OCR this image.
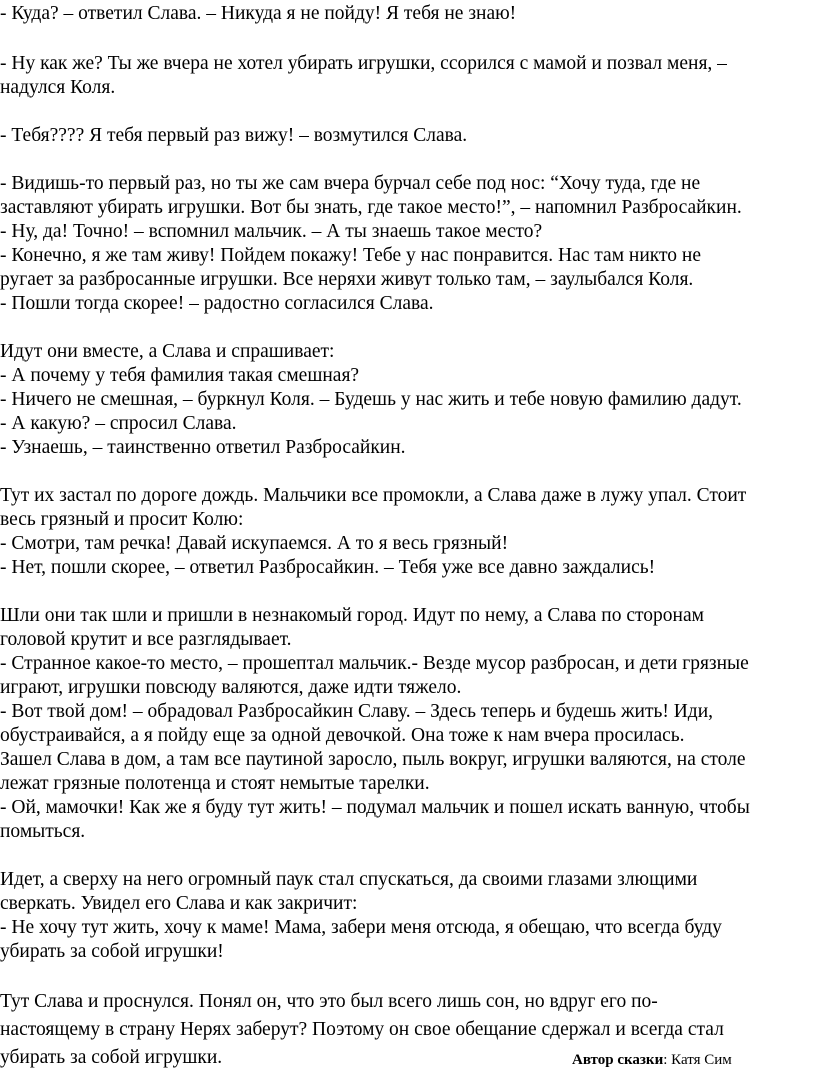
- Куда? – ответил Слава. – Никуда я не пойду! Я тебя не знаю!
- Ну как же? Ты же вчера не хотел убирать игрушки, ссорился с мамой и позвал меня, –
надулся Коля.
- Тебя???? Я тебя первый раз вижу! – возмутился Слава.
- Видишь-то первый раз, но ты же сам вчера бурчал себе под нос: “Хочу туда, где не
заставляют убирать игрушки. Вот бы знать, где такое место!”, – напомнил Разбросайкин.
- Ну, да! Точно! – вспомнил мальчик. – А ты знаешь такое место?
- Конечно, я же там живу! Пойдем покажу! Тебе у нас понравится. Нас там никто не
ругает за разбросанные игрушки. Все неряхи живут только там, – заулыбался Коля.
- Пошли тогда скорее! – радостно согласился Слава.
Идут они вместе, а Слава и спрашивает:
- А почему у тебя фамилия такая смешная?
- Ничего не смешная, – буркнул Коля. – Будешь у нас жить и тебе новую фамилию дадут.
- А какую? – спросил Слава.
- Узнаешь, – таинственно ответил Разбросайкин.
Тут их застал по дороге дождь. Мальчики все промокли, а Слава даже в лужу упал. Стоит
весь грязный и просит Колю:
- Смотри, там речка! Давай искупаемся. А то я весь грязный!
- Нет, пошли скорее, – ответил Разбросайкин. – Тебя уже все давно заждались!
Шли они так шли и пришли в незнакомый город. Идут по нему, а Слава по сторонам
головой крутит и все разглядывает.
- Странное какое-то место, – прошептал мальчик.- Везде мусор разбросан, и дети грязные
играют, игрушки повсюду валяются, даже идти тяжело.
- Вот твой дом! – обрадовал Разбросайкин Славу. – Здесь теперь и будешь жить! Иди,
обустраивайся, а я пойду еще за одной девочкой. Она тоже к нам вчера просилась.
Зашел Слава в дом, а там все паутиной заросло, пыль вокруг, игрушки валяются, на столе
лежат грязные полотенца и стоят немытые тарелки.
- Ой, мамочки! Как же я буду тут жить! – подумал мальчик и пошел искать ванную, чтобы
помыться.
Идет, а сверху на него огромный паук стал спускаться, да своими глазами злющими
сверкать. Увидел его Слава и как закричит:
- Не хочу тут жить, хочу к маме! Мама, забери меня отсюда, я обещаю, что всегда буду
убирать за собой игрушки!
Тут Слава и проснулся. Понял он, что это был всего лишь сон, но вдруг его по-
настоящему в страну Нерях заберут? Поэтому он свое обещание сдержал и всегда стал
убирать за собой игрушки.	Автор сказки: Катя Сим
